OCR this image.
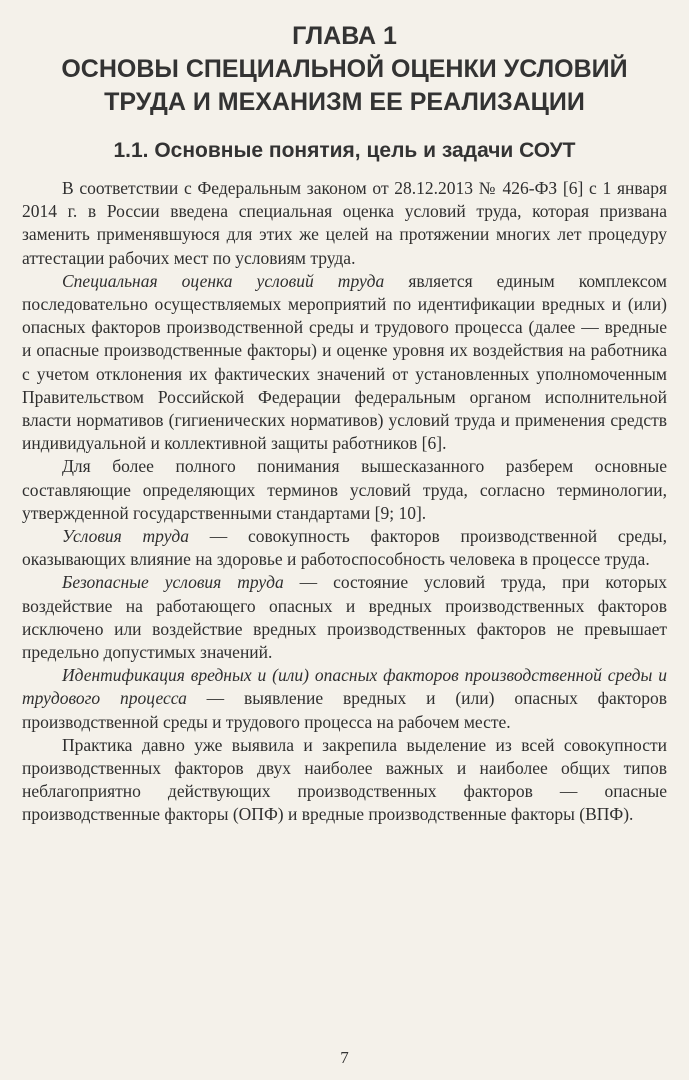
ГЛАВА 1
ОСНОВЫ СПЕЦИАЛЬНОЙ ОЦЕНКИ УСЛОВИЙ
ТРУДА И МЕХАНИЗМ ЕЕ РЕАЛИЗАЦИИ
1.1. Основные понятия, цель и задачи СОУТ

В соответствии с Федеральным законом от 28.12.2013 № 426-ФЗ [6] с 1 января 2014 г. в России введена специальная оценка условий труда, которая призвана заменить применявшуюся для этих же целей на протяжении многих лет процедуру аттестации рабочих мест по условиям труда.

Специальная оценка условий труда является единым комплексом последовательно осуществляемых мероприятий по идентификации вредных и (или) опасных факторов производственной среды и трудового процесса (далее — вредные и опасные производственные факторы) и оценке уровня их воздействия на работника с учетом отклонения их фактических значений от установленных уполномоченным Правительством Российской Федерации федеральным органом исполнительной власти нормативов (гигиенических нормативов) условий труда и применения средств индивидуальной и коллективной защиты работников [6].

Для более полного понимания вышесказанного разберем основные составляющие определяющих терминов условий труда, согласно терминологии, утвержденной государственными стандартами [9; 10].

Условия труда — совокупность факторов производственной среды, оказывающих влияние на здоровье и работоспособность человека в процессе труда.

Безопасные условия труда — состояние условий труда, при которых воздействие на работающего опасных и вредных производственных факторов исключено или воздействие вредных производственных факторов не превышает предельно допустимых значений.

Идентификация вредных и (или) опасных факторов производственной среды и трудового процесса — выявление вредных и (или) опасных факторов производственной среды и трудового процесса на рабочем месте.

Практика давно уже выявила и закрепила выделение из всей совокупности производственных факторов двух наиболее важных и наиболее общих типов неблагоприятно действующих производственных факторов — опасные производственные факторы (ОПФ) и вредные производственные факторы (ВПФ).

7
